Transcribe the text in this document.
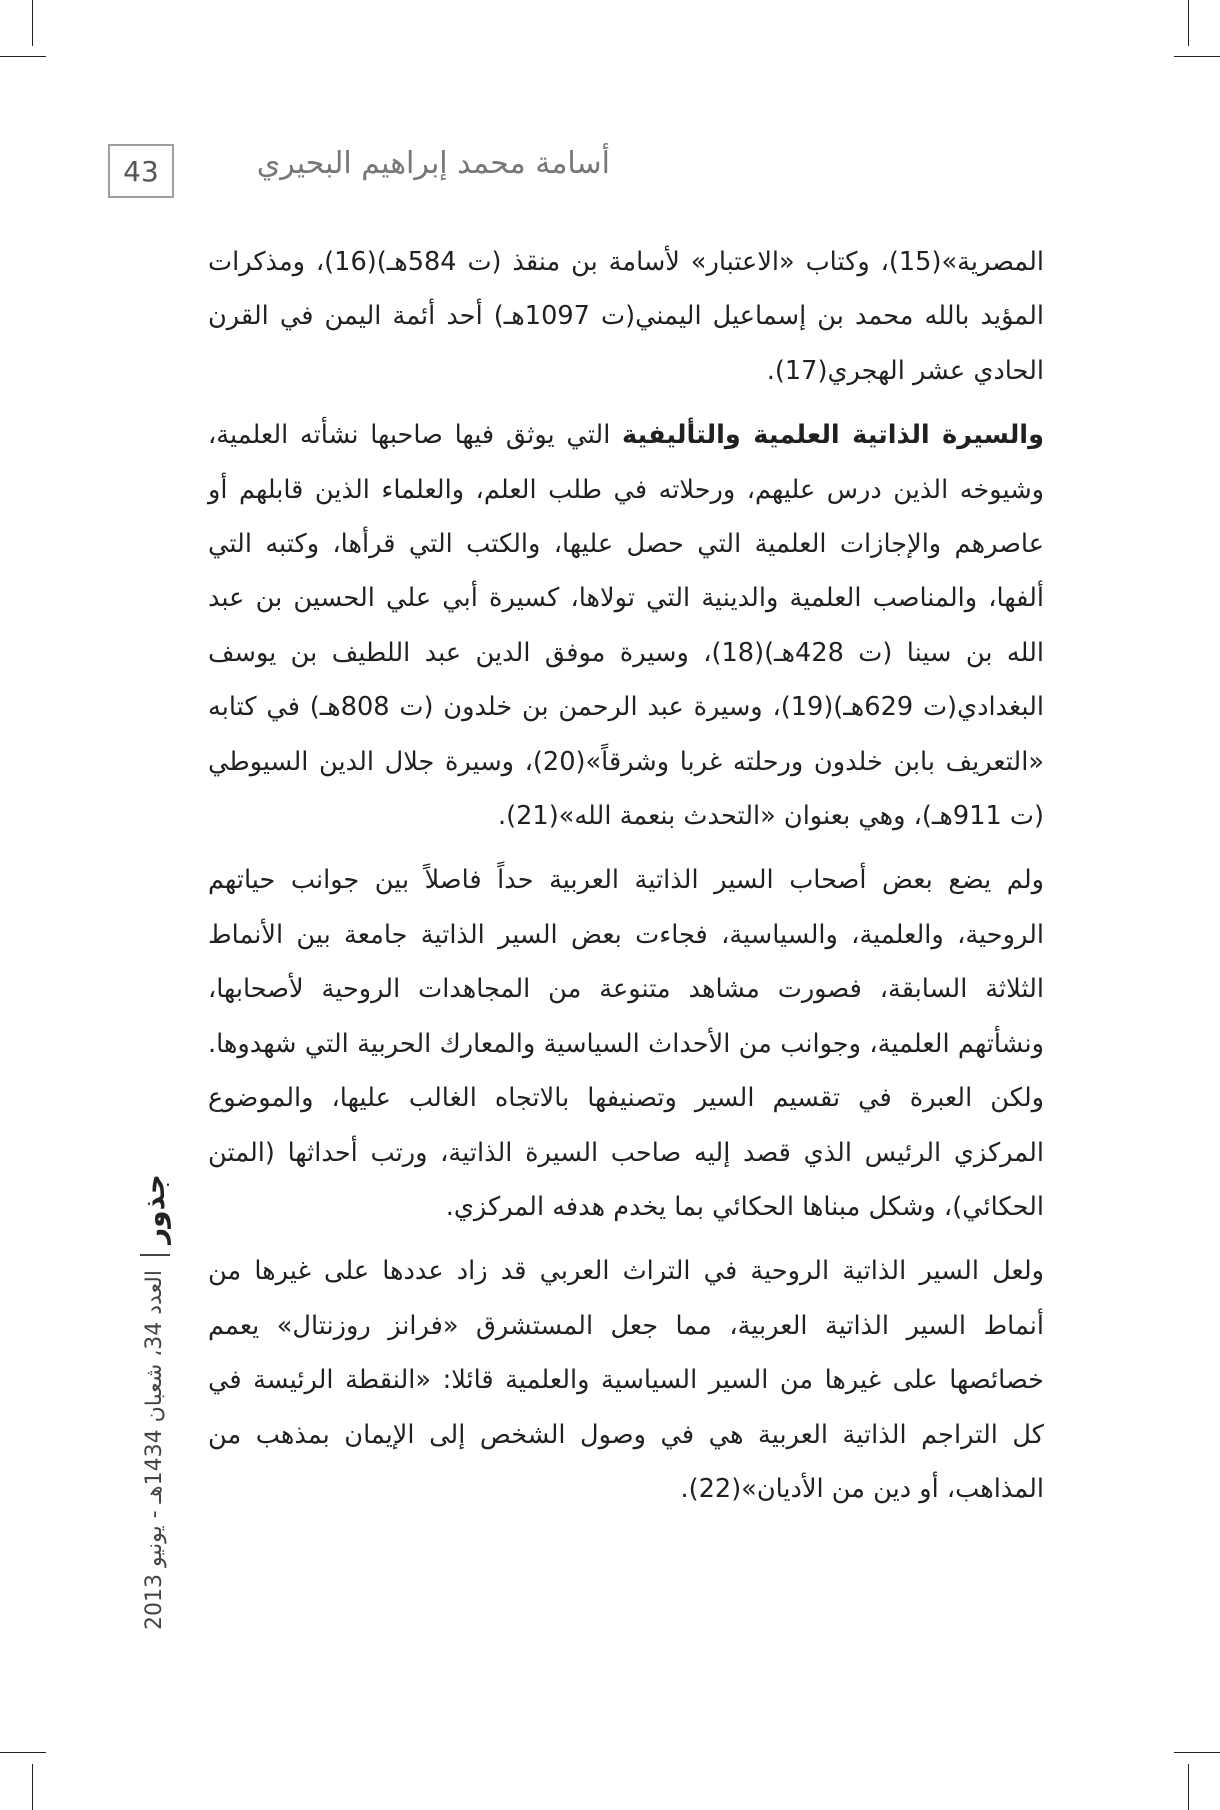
43	أسامة محمد إبراهيم البحيري

المصرية»(15)، وكتاب «الاعتبار» لأسامة بن منقذ (ت 584هـ)(16)، ومذكرات المؤيد بالله محمد بن إسماعيل اليمني(ت 1097هـ) أحد أئمة اليمن في القرن الحادي عشر الهجري(17).

والسيرة الذاتية العلمية والتأليفية التي يوثق فيها صاحبها نشأته العلمية، وشيوخه الذين درس عليهم، ورحلاته في طلب العلم، والعلماء الذين قابلهم أو عاصرهم والإجازات العلمية التي حصل عليها، والكتب التي قرأها، وكتبه التي ألفها، والمناصب العلمية والدينية التي تولاها، كسيرة أبي علي الحسين بن عبد الله بن سينا (ت 428هـ)(18)، وسيرة موفق الدين عبد اللطيف بن يوسف البغدادي(ت 629هـ)(19)، وسيرة عبد الرحمن بن خلدون (ت 808هـ) في كتابه «التعريف بابن خلدون ورحلته غربا وشرقاً»(20)، وسيرة جلال الدين السيوطي (ت 911هـ)، وهي بعنوان «التحدث بنعمة الله»(21).

ولم يضع بعض أصحاب السير الذاتية العربية حداً فاصلاً بين جوانب حياتهم الروحية، والعلمية، والسياسية، فجاءت بعض السير الذاتية جامعة بين الأنماط الثلاثة السابقة، فصورت مشاهد متنوعة من المجاهدات الروحية لأصحابها، ونشأتهم العلمية، وجوانب من الأحداث السياسية والمعارك الحربية التي شهدوها. ولكن العبرة في تقسيم السير وتصنيفها بالاتجاه الغالب عليها، والموضوع المركزي الرئيس الذي قصد إليه صاحب السيرة الذاتية، ورتب أحداثها (المتن الحكائي)، وشكل مبناها الحكائي بما يخدم هدفه المركزي.

ولعل السير الذاتية الروحية في التراث العربي قد زاد عددها على غيرها من أنماط السير الذاتية العربية، مما جعل المستشرق «فرانز روزنتال» يعمم خصائصها على غيرها من السير السياسية والعلمية قائلا: «النقطة الرئيسة في كل التراجم الذاتية العربية هي في وصول الشخص إلى الإيمان بمذهب من المذاهب، أو دين من الأديان»(22).

جذور
العدد 34، شعبان 1434هـ - يونيو 2013
